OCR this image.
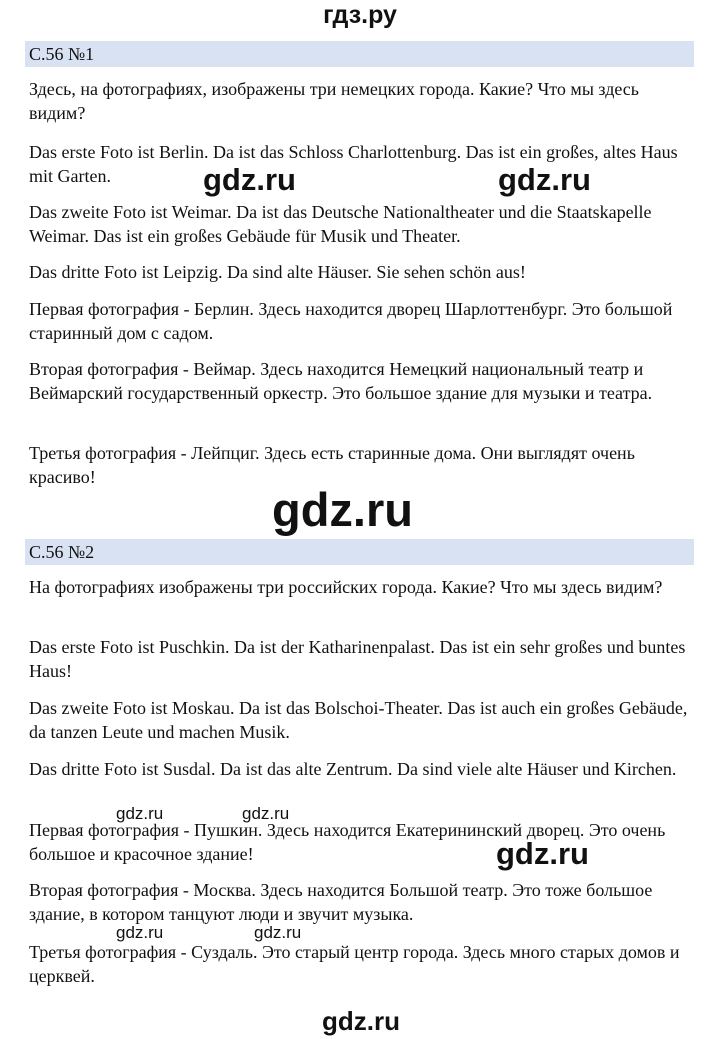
гдз.ру
С.56 №1

Здесь, на фотографиях, изображены три немецких города. Какие? Что мы здесь видим?

Das erste Foto ist Berlin. Da ist das Schloss Charlottenburg. Das ist ein großes, altes Haus mit Garten.

Das zweite Foto ist Weimar. Da ist das Deutsche Nationaltheater und die Staatskapelle Weimar. Das ist ein großes Gebäude für Musik und Theater.

Das dritte Foto ist Leipzig. Da sind alte Häuser. Sie sehen schön aus!

Первая фотография - Берлин. Здесь находится дворец Шарлоттенбург. Это большой старинный дом с садом.

Вторая фотография - Веймар. Здесь находится Немецкий национальный театр и Веймарский государственный оркестр. Это большое здание для музыки и театра.

Третья фотография - Лейпциг. Здесь есть старинные дома. Они выглядят очень красиво!

С.56 №2

На фотографиях изображены три российских города. Какие? Что мы здесь видим?

Das erste Foto ist Puschkin. Da ist der Katharinenpalast. Das ist ein sehr großes und buntes Haus!

Das zweite Foto ist Moskau. Da ist das Bolschoi-Theater. Das ist auch ein großes Gebäude, da tanzen Leute und machen Musik.

Das dritte Foto ist Susdal. Da ist das alte Zentrum. Da sind viele alte Häuser und Kirchen.

Первая фотография - Пушкин. Здесь находится Екатерининский дворец. Это очень большое и красочное здание!

Вторая фотография - Москва. Здесь находится Большой театр. Это тоже большое здание, в котором танцуют люди и звучит музыка.

Третья фотография - Суздаль. Это старый центр города. Здесь много старых домов и церквей.

gdz.ru	gdz.ru
gdz.ru
gdz.ru	gdz.ru
gdz.ru
gdz.ru	gdz.ru
gdz.ru
